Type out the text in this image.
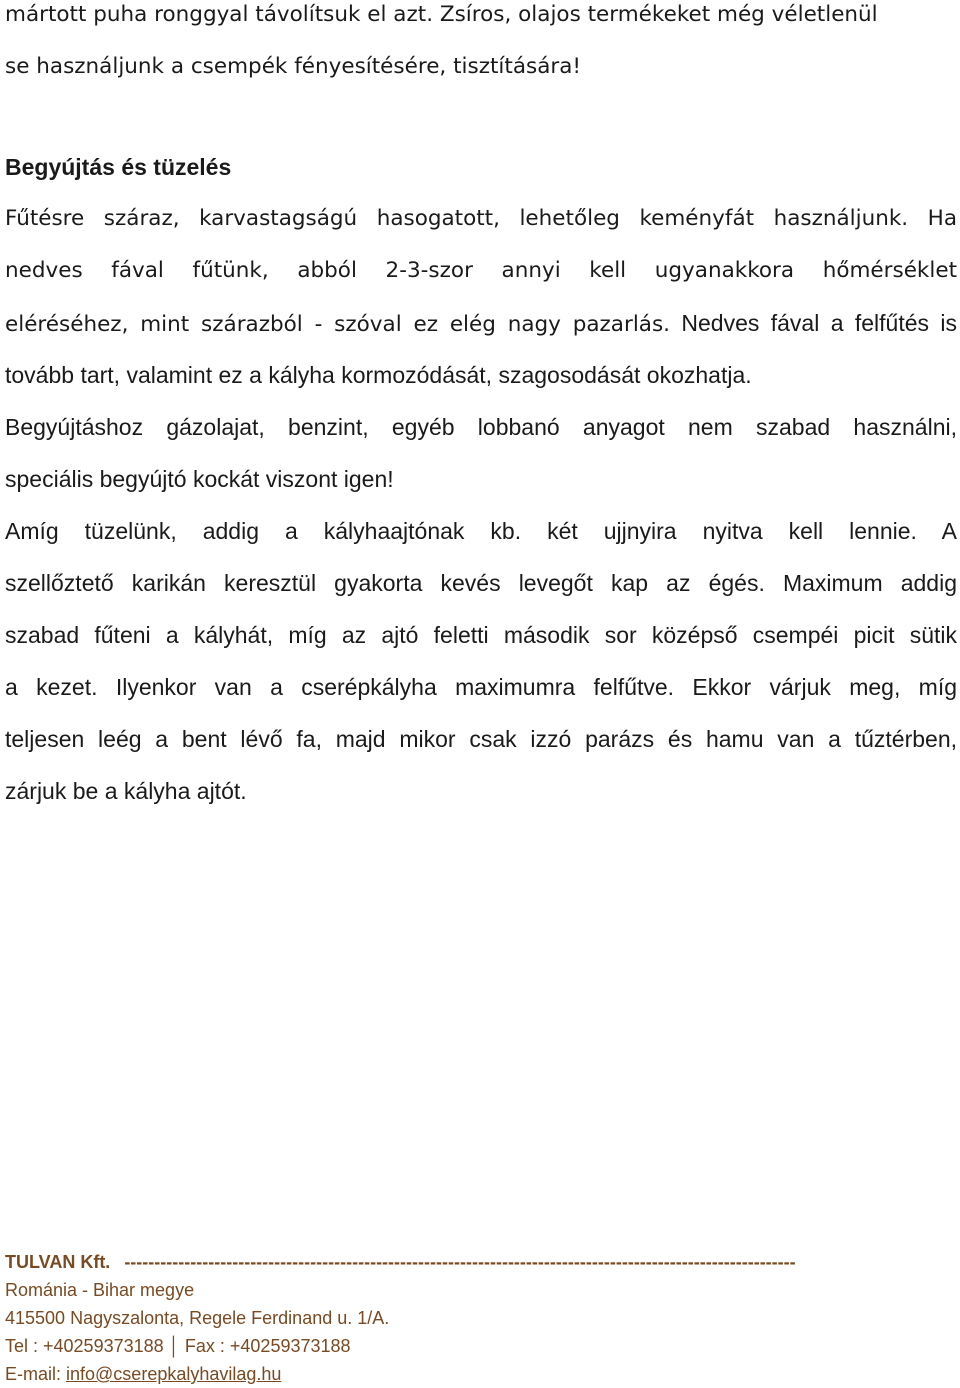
mártott puha ronggyal távolítsuk el azt. Zsíros, olajos termékeket még véletlenül
se használjunk a csempék fényesítésére, tisztítására!
Begyújtás és tüzelés
Fűtésre száraz, karvastagságú hasogatott, lehetőleg keményfát használjunk. Ha
nedves fával fűtünk, abból 2-3-szor annyi kell ugyanakkora hőmérséklet
eléréséhez, mint szárazból - szóval ez elég nagy pazarlás. Nedves fával a felfűtés is
tovább tart, valamint ez a kályha kormozódását, szagosodását okozhatja.
Begyújtáshoz gázolajat, benzint, egyéb lobbanó anyagot nem szabad használni,
speciális begyújtó kockát viszont igen!
Amíg tüzelünk, addig a kályhaajtónak kb. két ujjnyira nyitva kell lennie. A
szellőztető karikán keresztül gyakorta kevés levegőt kap az égés. Maximum addig
szabad fűteni a kályhát, míg az ajtó feletti második sor középső csempéi picit sütik
a kezet. Ilyenkor van a cserépkályha maximumra felfűtve. Ekkor várjuk meg, míg
teljesen leég a bent lévő fa, majd mikor csak izzó parázs és hamu van a tűztérben,
zárjuk be a kályha ajtót.
TULVAN Kft. ----------------------------------------------------------------------------------------------------------------
Románia - Bihar megye
415500 Nagyszalonta, Regele Ferdinand u. 1/A.
Tel : +40259373188 │ Fax : +40259373188
E-mail: info@cserepkalyhavilag.hu
